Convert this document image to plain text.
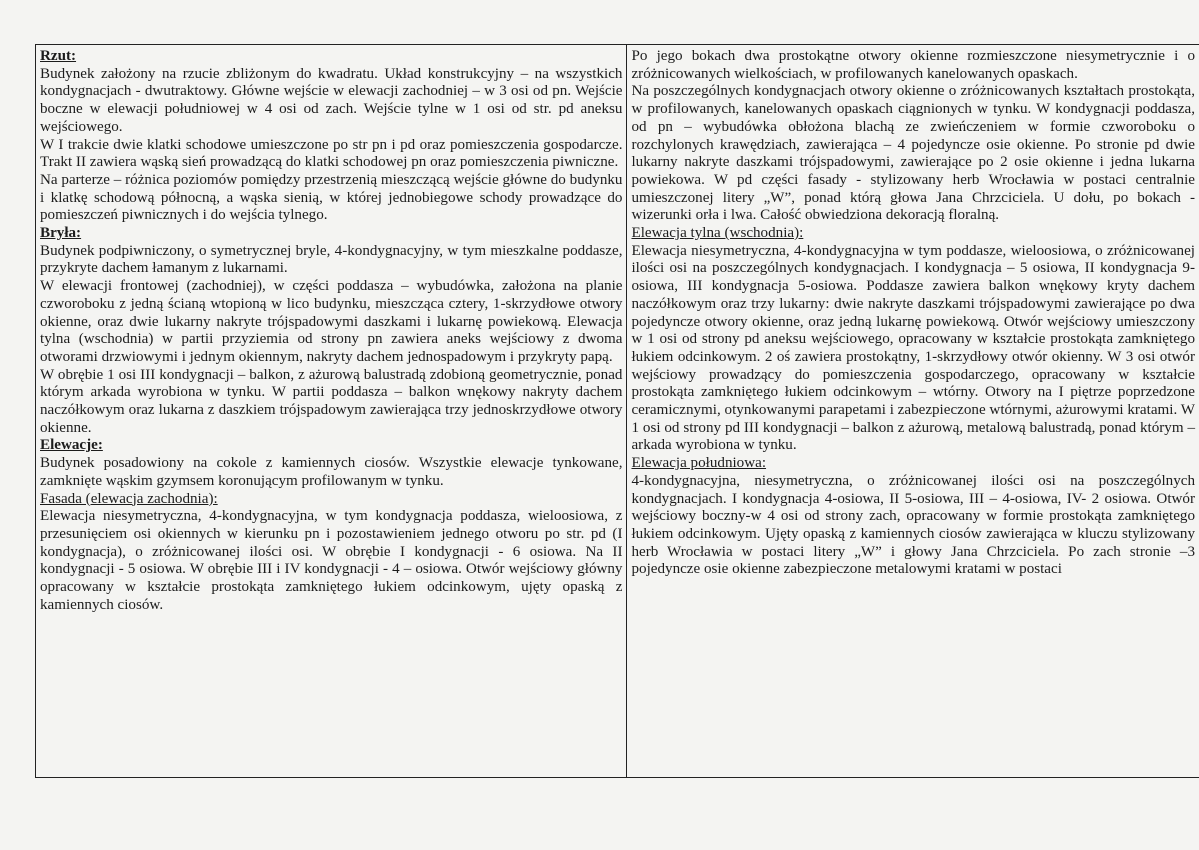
Rzut:

Budynek założony na rzucie zbliżonym do kwadratu. Układ konstrukcyjny – na wszystkich kondygnacjach - dwutraktowy. Główne wejście w elewacji zachodniej – w 3 osi od pn. Wejście boczne w elewacji południowej w 4 osi od zach. Wejście tylne w 1 osi od str. pd aneksu wejściowego.

W I trakcie dwie klatki schodowe umieszczone po str pn i pd oraz pomieszczenia gospodarcze. Trakt II zawiera wąską sień prowadzącą do klatki schodowej pn oraz pomieszczenia piwniczne.

Na parterze – różnica poziomów pomiędzy przestrzenią mieszczącą wejście główne do budynku i klatkę schodową północną, a wąska sienią, w której jednobiegowe schody prowadzące do pomieszczeń piwnicznych i do wejścia tylnego.

Bryła:

Budynek podpiwniczony, o symetrycznej bryle, 4-kondygnacyjny, w tym mieszkalne poddasze, przykryte dachem łamanym z lukarnami.

W elewacji frontowej (zachodniej), w części poddasza – wybudówka, założona na planie czworoboku z jedną ścianą wtopioną w lico budynku, mieszcząca cztery, 1-skrzydłowe otwory okienne, oraz dwie lukarny nakryte trójspadowymi daszkami i lukarnę powiekową. Elewacja tylna (wschodnia) w partii przyziemia od strony pn zawiera aneks wejściowy z dwoma otworami drzwiowymi i jednym okiennym, nakryty dachem jednospadowym i przykryty papą.

W obrębie 1 osi III kondygnacji – balkon, z ażurową balustradą zdobioną geometrycznie, ponad którym arkada wyrobiona w tynku. W partii poddasza – balkon wnękowy nakryty dachem naczółkowym oraz lukarna z daszkiem trójspadowym zawierająca trzy jednoskrzydłowe otwory okienne.

Elewacje:

Budynek posadowiony na cokole z kamiennych ciosów. Wszystkie elewacje tynkowane, zamknięte wąskim gzymsem koronującym profilowanym w tynku.

Fasada (elewacja zachodnia):

Elewacja niesymetryczna, 4-kondygnacyjna, w tym kondygnacja poddasza, wieloosiowa, z przesunięciem osi okiennych w kierunku pn i pozostawieniem jednego otworu po str. pd (I kondygnacja), o zróżnicowanej ilości osi. W obrębie I kondygnacji - 6 osiowa. Na II kondygnacji - 5 osiowa. W obrębie III i IV kondygnacji - 4 – osiowa. Otwór wejściowy główny opracowany w kształcie prostokąta zamkniętego łukiem odcinkowym, ujęty opaską z kamiennych ciosów.

Po jego bokach dwa prostokątne otwory okienne rozmieszczone niesymetrycznie i o zróżnicowanych wielkościach, w profilowanych kanelowanych opaskach.

Na poszczególnych kondygnacjach otwory okienne o zróżnicowanych kształtach prostokąta, w profilowanych, kanelowanych opaskach ciągnionych w tynku. W kondygnacji poddasza, od pn – wybudówka obłożona blachą ze zwieńczeniem w formie czworoboku o rozchylonych krawędziach, zawierająca – 4 pojedyncze osie okienne. Po stronie pd dwie lukarny nakryte daszkami trójspadowymi, zawierające po 2 osie okienne i jedna lukarna powiekowa. W pd części fasady - stylizowany herb Wrocławia w postaci centralnie umieszczonej litery „W”, ponad którą głowa Jana Chrzciciela. U dołu, po bokach - wizerunki orła i lwa. Całość obwiedziona dekoracją floralną.

Elewacja tylna (wschodnia):

Elewacja niesymetryczna, 4-kondygnacyjna w tym poddasze, wieloosiowa, o zróżnicowanej ilości osi na poszczególnych kondygnacjach. I kondygnacja – 5 osiowa, II kondygnacja 9-osiowa, III kondygnacja 5-osiowa. Poddasze zawiera balkon wnękowy kryty dachem naczółkowym oraz trzy lukarny: dwie nakryte daszkami trójspadowymi zawierające po dwa pojedyncze otwory okienne, oraz jedną lukarnę powiekową. Otwór wejściowy umieszczony w 1 osi od strony pd aneksu wejściowego, opracowany w kształcie prostokąta zamkniętego łukiem odcinkowym. 2 oś zawiera prostokątny, 1-skrzydłowy otwór okienny. W 3 osi otwór wejściowy prowadzący do pomieszczenia gospodarczego, opracowany w kształcie prostokąta zamkniętego łukiem odcinkowym – wtórny. Otwory na I piętrze poprzedzone ceramicznymi, otynkowanymi parapetami i zabezpieczone wtórnymi, ażurowymi kratami. W 1 osi od strony pd III kondygnacji – balkon z ażurową, metalową balustradą, ponad którym – arkada wyrobiona w tynku.

Elewacja południowa:

4-kondygnacyjna, niesymetryczna, o zróżnicowanej ilości osi na poszczególnych kondygnacjach. I kondygnacja 4-osiowa, II 5-osiowa, III – 4-osiowa, IV- 2 osiowa. Otwór wejściowy boczny-w 4 osi od strony zach, opracowany w formie prostokąta zamkniętego łukiem odcinkowym. Ujęty opaską z kamiennych ciosów zawierająca w kluczu stylizowany herb Wrocławia w postaci litery „W” i głowy Jana Chrzciciela. Po zach stronie –3 pojedyncze osie okienne zabezpieczone metalowymi kratami w postaci
